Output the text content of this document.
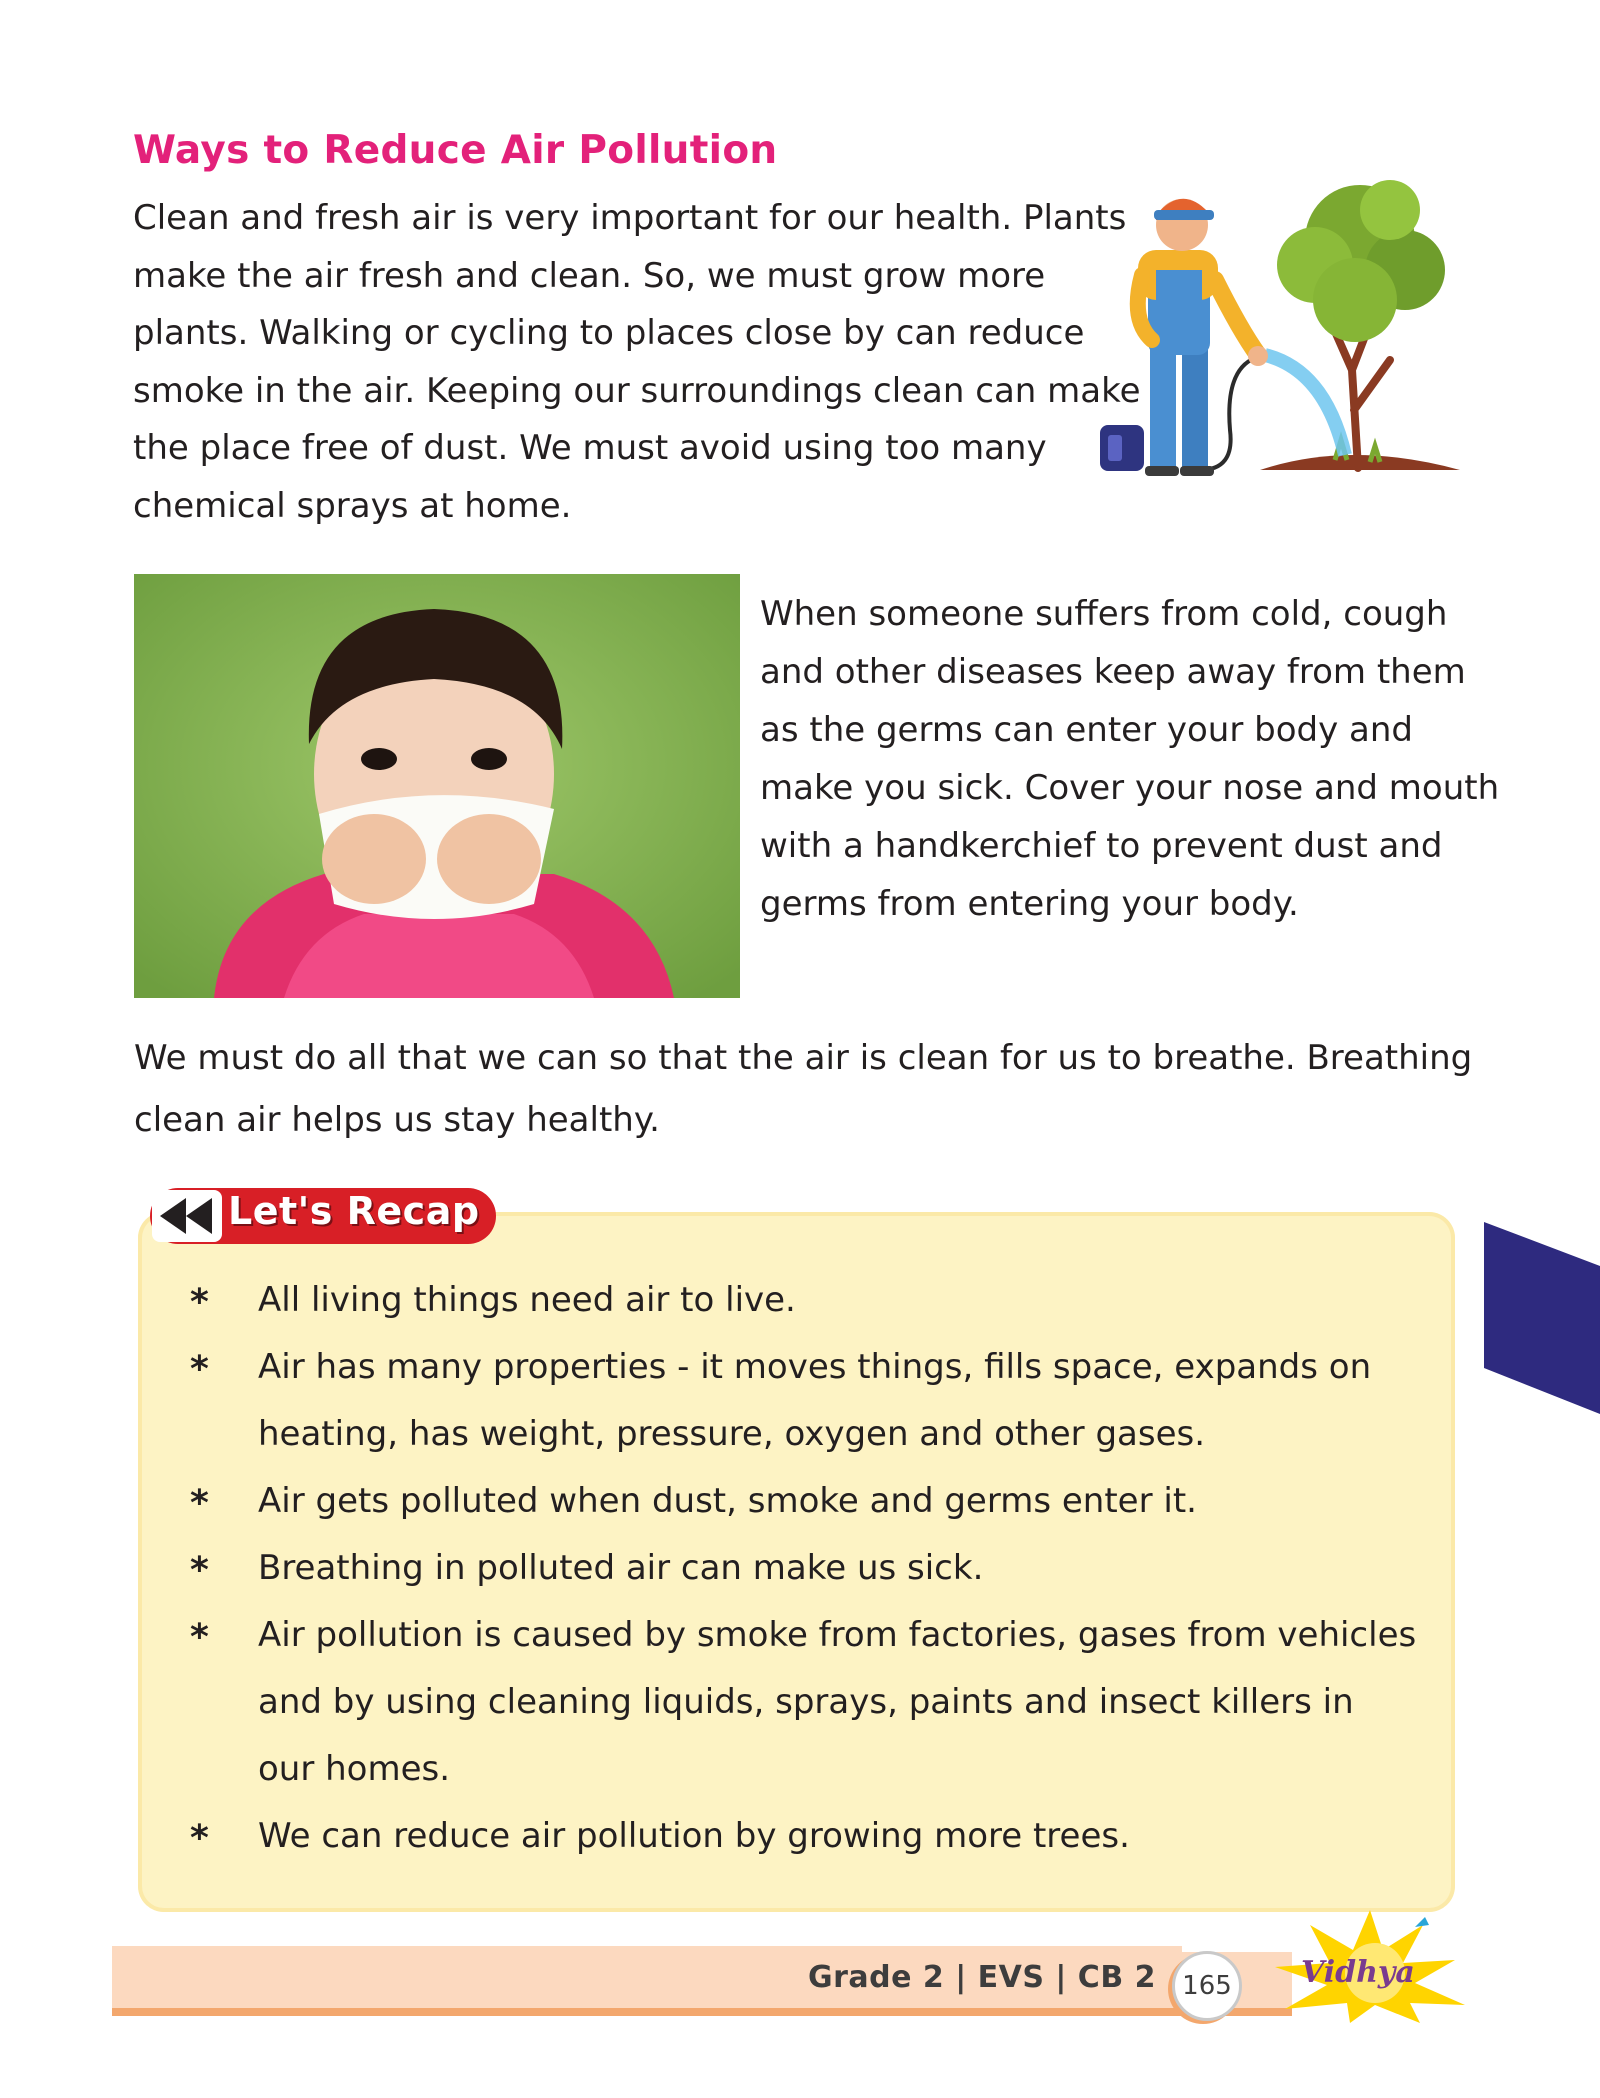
Ways to Reduce Air Pollution

Clean and fresh air is very important for our health. Plants make the air fresh and clean. So, we must grow more plants. Walking or cycling to places close by can reduce smoke in the air. Keeping our surroundings clean can make the place free of dust. We must avoid using too many chemical sprays at home.

When someone suffers from cold, cough and other diseases keep away from them as the germs can enter your body and make you sick. Cover your nose and mouth with a handkerchief to prevent dust and germs from entering your body.

We must do all that we can so that the air is clean for us to breathe. Breathing clean air helps us stay healthy.

Let's Recap
* All living things need air to live.
* Air has many properties - it moves things, fills space, expands on heating, has weight, pressure, oxygen and other gases.
* Air gets polluted when dust, smoke and germs enter it.
* Breathing in polluted air can make us sick.
* Air pollution is caused by smoke from factories, gases from vehicles and by using cleaning liquids, sprays, paints and insect killers in our homes.
* We can reduce air pollution by growing more trees.
Grade 2 | EVS | CB 2 165 Vidhya
